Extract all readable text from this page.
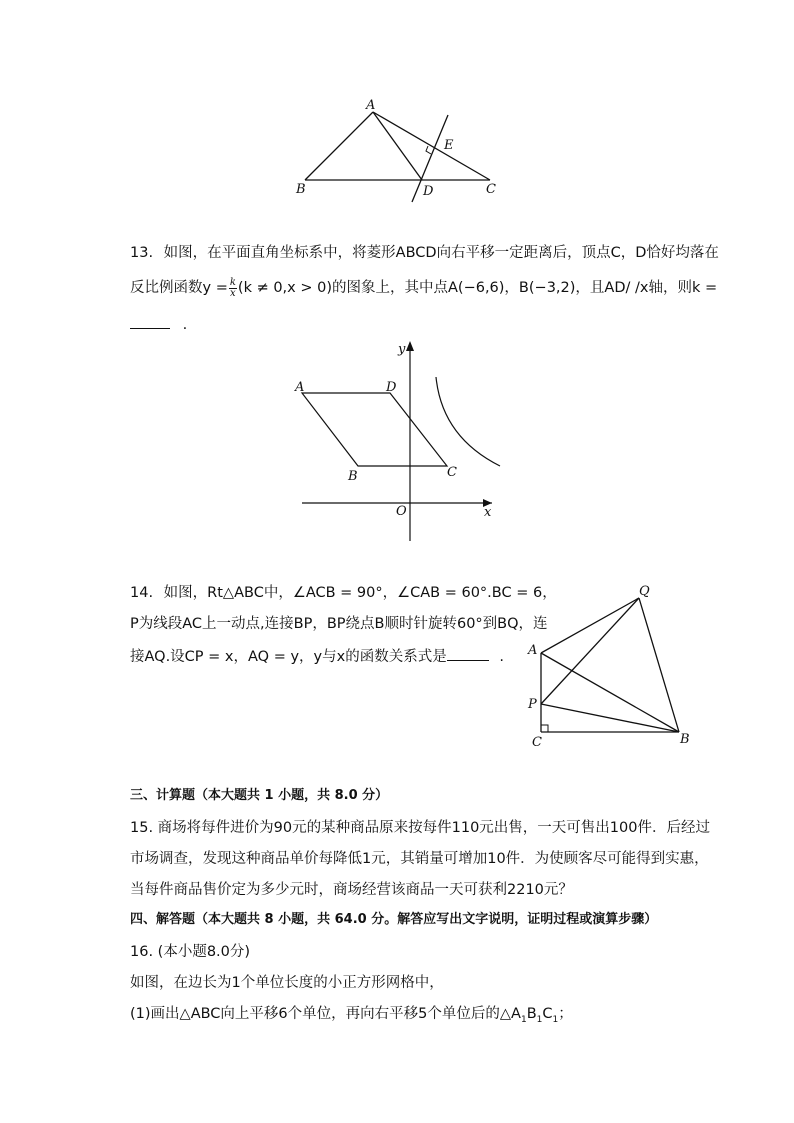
A
B	C
D
E
13. 如图，在平面直角坐标系中，将菱形ABCD向右平移一定距离后，顶点C，D恰好均落在
反比例函数$y = \frac{k}{x} (k \ne 0,x > 0)$的图象上，其中点A(−6,6)，B(−3,2)，且AD/ /x轴，则k =
.
y
x
O
A	D
B	C
14. 如图，Rt△ABC中，∠ACB = 90°，∠CAB = 60°.BC = 6，
P为线段AC上一动点,连接BP，BP绕点B顺时针旋转60°到BQ，连
接AQ.设CP = x，AQ = y，y与x的函数关系式是	.
Q
A
P
C	B
三、计算题（本大题共 1 小题，共 8.0 分）
15. 商场将每件进价为90元的某种商品原来按每件110元出售，一天可售出100件．后经过
市场调查，发现这种商品单价每降低1元，其销量可增加10件．为使顾客尽可能得到实惠，
当每件商品售价定为多少元时，商场经营该商品一天可获利2210元？
四、解答题（本大题共 8 小题，共 64.0 分。解答应写出文字说明，证明过程或演算步骤）
16. (本小题8.0分)
如图，在边长为1个单位长度的小正方形网格中，
(1)画出△ABC向上平移6个单位，再向右平移5个单位后的$\triangle A_1B_1C_1$；
